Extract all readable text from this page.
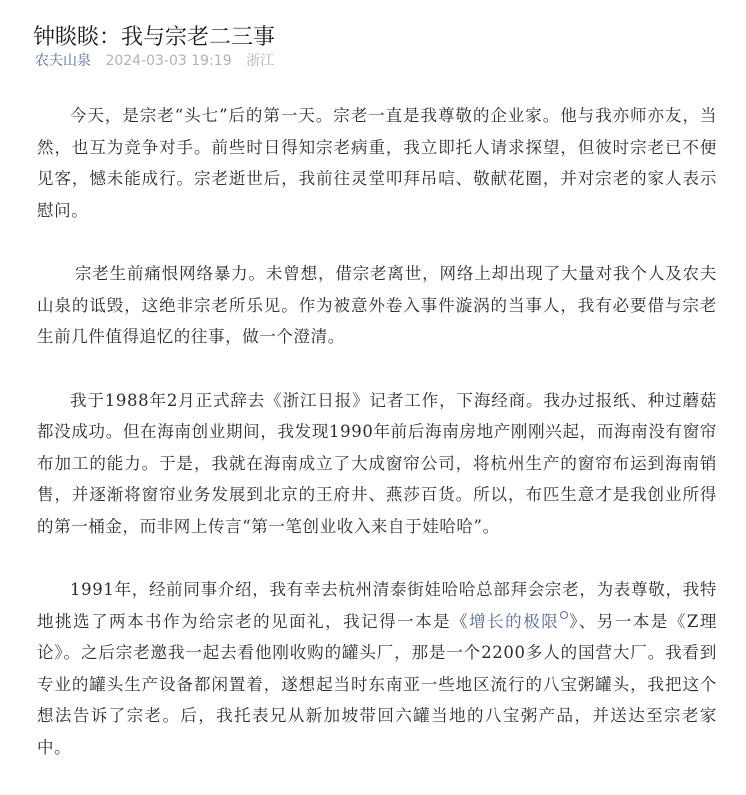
钟睒睒：我与宗老二三事
农夫山泉 2024-03-03 19:19 浙江

今天，是宗老“头七”后的第一天。宗老一直是我尊敬的企业家。他与我亦师亦友，当然，也互为竞争对手。前些时日得知宗老病重，我立即托人请求探望，但彼时宗老已不便见客，憾未能成行。宗老逝世后，我前往灵堂叩拜吊唁、敬献花圈，并对宗老的家人表示慰问。

宗老生前痛恨网络暴力。未曾想，借宗老离世，网络上却出现了大量对我个人及农夫山泉的诋毁，这绝非宗老所乐见。作为被意外卷入事件漩涡的当事人，我有必要借与宗老生前几件值得追忆的往事，做一个澄清。

我于1988年2月正式辞去《浙江日报》记者工作，下海经商。我办过报纸、种过蘑菇都没成功。但在海南创业期间，我发现1990年前后海南房地产刚刚兴起，而海南没有窗帘布加工的能力。于是，我就在海南成立了大成窗帘公司，将杭州生产的窗帘布运到海南销售，并逐渐将窗帘业务发展到北京的王府井、燕莎百货。所以，布匹生意才是我创业所得的第一桶金，而非网上传言“第一笔创业收入来自于娃哈哈”。

1991年，经前同事介绍，我有幸去杭州清泰街娃哈哈总部拜会宗老，为表尊敬，我特地挑选了两本书作为给宗老的见面礼，我记得一本是《增长的极限 》、另一本是《Z理论》。之后宗老邀我一起去看他刚收购的罐头厂，那是一个2200多人的国营大厂。我看到专业的罐头生产设备都闲置着，遂想起当时东南亚一些地区流行的八宝粥罐头，我把这个想法告诉了宗老。后，我托表兄从新加坡带回六罐当地的八宝粥产品，并送达至宗老家中。
